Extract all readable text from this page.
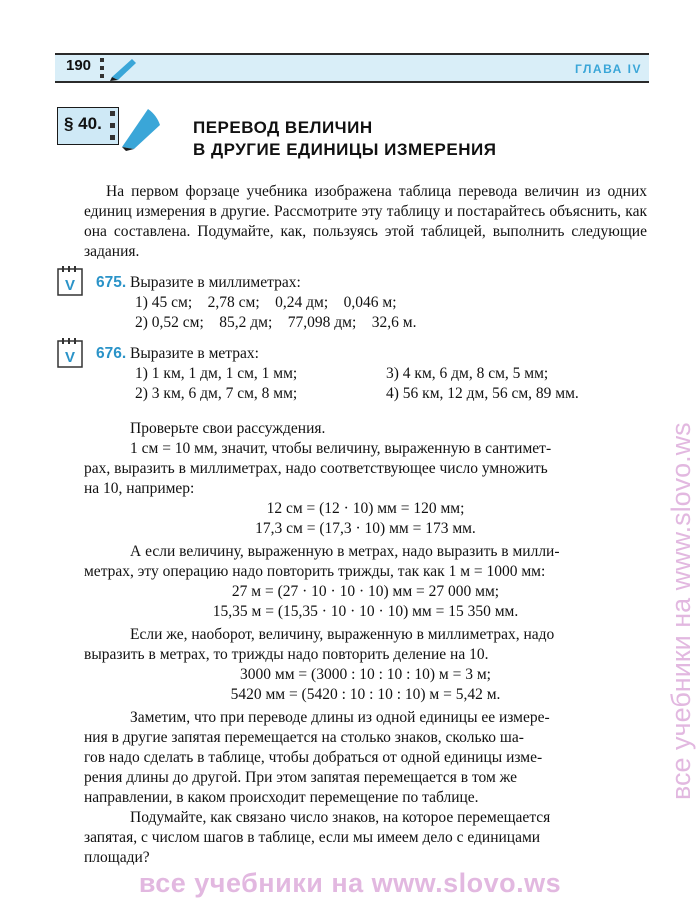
190	ГЛАВА IV
§ 40.	ПЕРЕВОД ВЕЛИЧИН
В ДРУГИЕ ЕДИНИЦЫ ИЗМЕРЕНИЯ

На первом форзаце учебника изображена таблица перевода величин из одних единиц измерения в другие. Рассмотрите эту таблицу и постарайтесь объяснить, как она составлена. Подумайте, как, пользуясь этой таблицей, выполнить следующие задания.

V 675. Выразите в миллиметрах:
1) 45 см;    2,78 см;    0,24 дм;    0,046 м;
2) 0,52 см;    85,2 дм;    77,098 дм;    32,6 м.
V 676. Выразите в метрах:
1) 1 км, 1 дм, 1 см, 1 мм;	3) 4 км, 6 дм, 8 см, 5 мм;
2) 3 км, 6 дм, 7 см, 8 мм;	4) 56 км, 12 дм, 56 см, 89 мм.
Проверьте свои рассуждения.
1 см = 10 мм, значит, чтобы величину, выраженную в сантимет-
рах, выразить в миллиметрах, надо соответствующее число умножить
на 10, например:
12 см = (12 · 10) мм = 120 мм;
17,3 см = (17,3 · 10) мм = 173 мм.
А если величину, выраженную в метрах, надо выразить в милли-
метрах, эту операцию надо повторить трижды, так как 1 м = 1000 мм:
27 м = (27 · 10 · 10 · 10) мм = 27 000 мм;
15,35 м = (15,35 · 10 · 10 · 10) мм = 15 350 мм.
Если же, наоборот, величину, выраженную в миллиметрах, надо
выразить в метрах, то трижды надо повторить деление на 10.
3000 мм = (3000 : 10 : 10 : 10) м = 3 м;
5420 мм = (5420 : 10 : 10 : 10) м = 5,42 м.
Заметим, что при переводе длины из одной единицы ее измере-
ния в другие запятая перемещается на столько знаков, сколько ша-
гов надо сделать в таблице, чтобы добраться от одной единицы изме-
рения длины до другой. При этом запятая перемещается в том же
направлении, в каком происходит перемещение по таблице.
Подумайте, как связано число знаков, на которое перемещается
запятая, с числом шагов в таблице, если мы имеем дело с единицами
площади?
все учебники на www.slovo.ws
все учебники на www.slovo.ws
